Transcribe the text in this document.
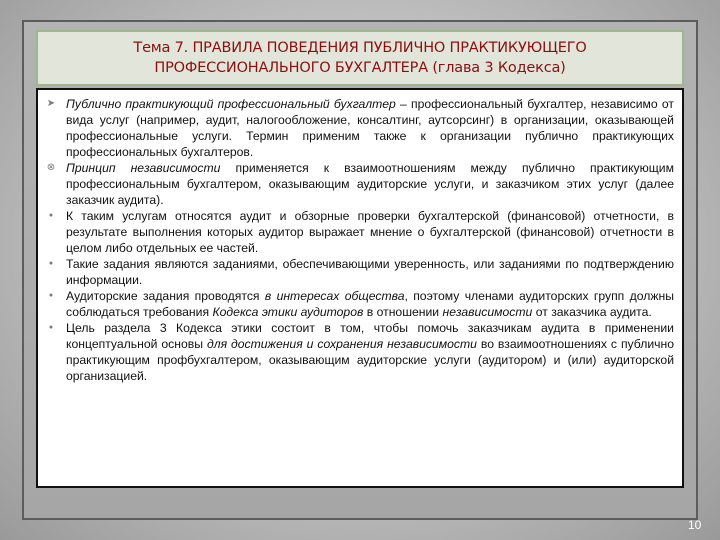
Тема 7. ПРАВИЛА ПОВЕДЕНИЯ ПУБЛИЧНО ПРАКТИКУЮЩЕГО
ПРОФЕССИОНАЛЬНОГО БУХГАЛТЕРА (глава 3 Кодекса)
➤ Публично практикующий профессиональный бухгалтер – профессиональный бухгалтер, независимо от вида услуг (например, аудит, налогообложение, консалтинг, аутсорсинг) в организации, оказывающей профессиональные услуги. Термин применим также к организации публично практикующих профессиональных бухгалтеров.
⊗ Принцип независимости применяется к взаимоотношениям между публично практикующим профессиональным бухгалтером, оказывающим аудиторские услуги, и заказчиком этих услуг (далее заказчик аудита).
●	К таким услугам относятся аудит и обзорные проверки бухгалтерской (финансовой) отчетности, в результате выполнения которых аудитор выражает мнение о бухгалтерской (финансовой) отчетности в целом либо отдельных ее частей.
●	Такие задания являются заданиями, обеспечивающими уверенность, или заданиями по подтверждению информации.
●	Аудиторские задания проводятся в интересах общества, поэтому членами аудиторских групп должны соблюдаться требования Кодекса этики аудиторов в отношении независимости от заказчика аудита.
●	Цель раздела 3 Кодекса этики состоит в том, чтобы помочь заказчикам аудита в применении концептуальной основы для достижения и сохранения независимости во взаимоотношениях с публично практикующим профбухгалтером, оказывающим аудиторские услуги (аудитором) и (или) аудиторской организацией.
10
